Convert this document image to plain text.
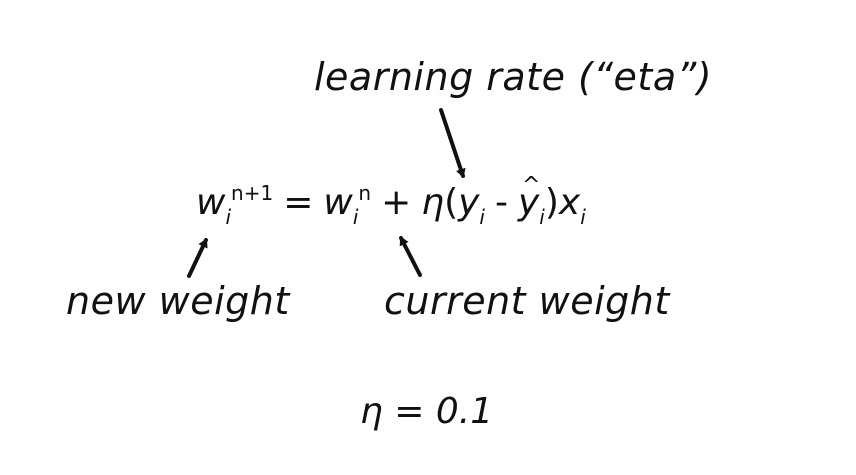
learning rate (“eta”)
new weight current weight
$w_i^{n+1} = w_i^n + \eta(y_i$ -^ $y_i)x_i$
η = 0.1
